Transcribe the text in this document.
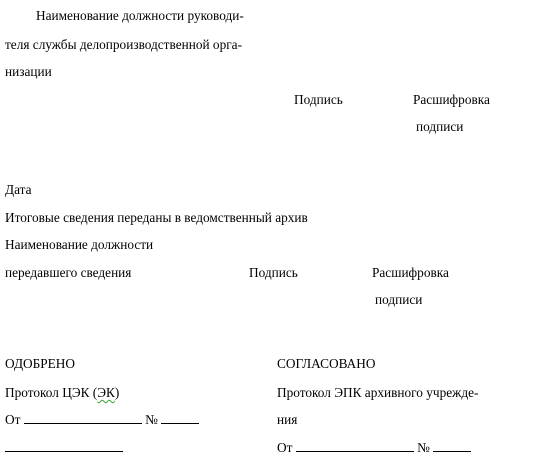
Наименование должности руководи-
теля службы делопроизводственной орга-
низации
Подпись	Расшифровка
подписи
Дата
Итоговые сведения переданы в ведомственный архив
Наименование должности
передавшего сведения	Подпись	Расшифровка
подписи
ОДОБРЕНО
Протокол ЦЭК (ЭК)
От	№
СОГЛАСОВАНО
Протокол ЭПК архивного учрежде-
ния
От	№
